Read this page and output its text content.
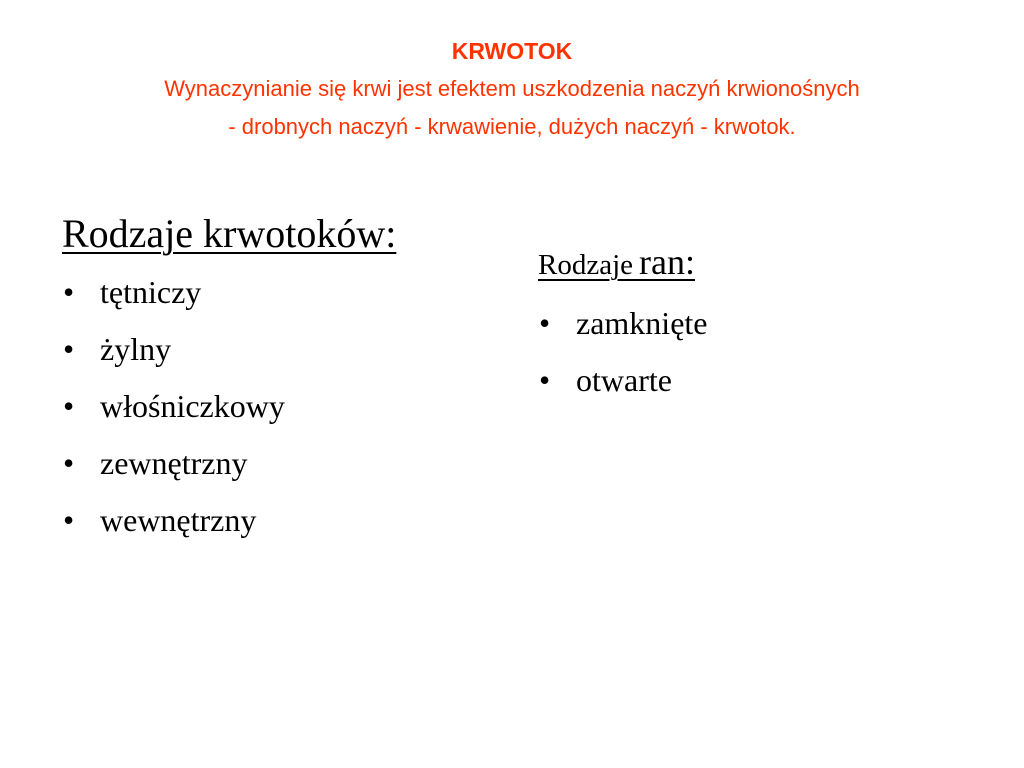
KRWOTOK

Wynaczynianie się krwi jest efektem uszkodzenia naczyń krwionośnych

- drobnych naczyń - krwawienie, dużych naczyń - krwotok.

Rodzaje krwotoków:
• tętniczy
• żylny
• włośniczkowy
• zewnętrzny
• wewnętrzny
Rodzaje ran:
• zamknięte
• otwarte
